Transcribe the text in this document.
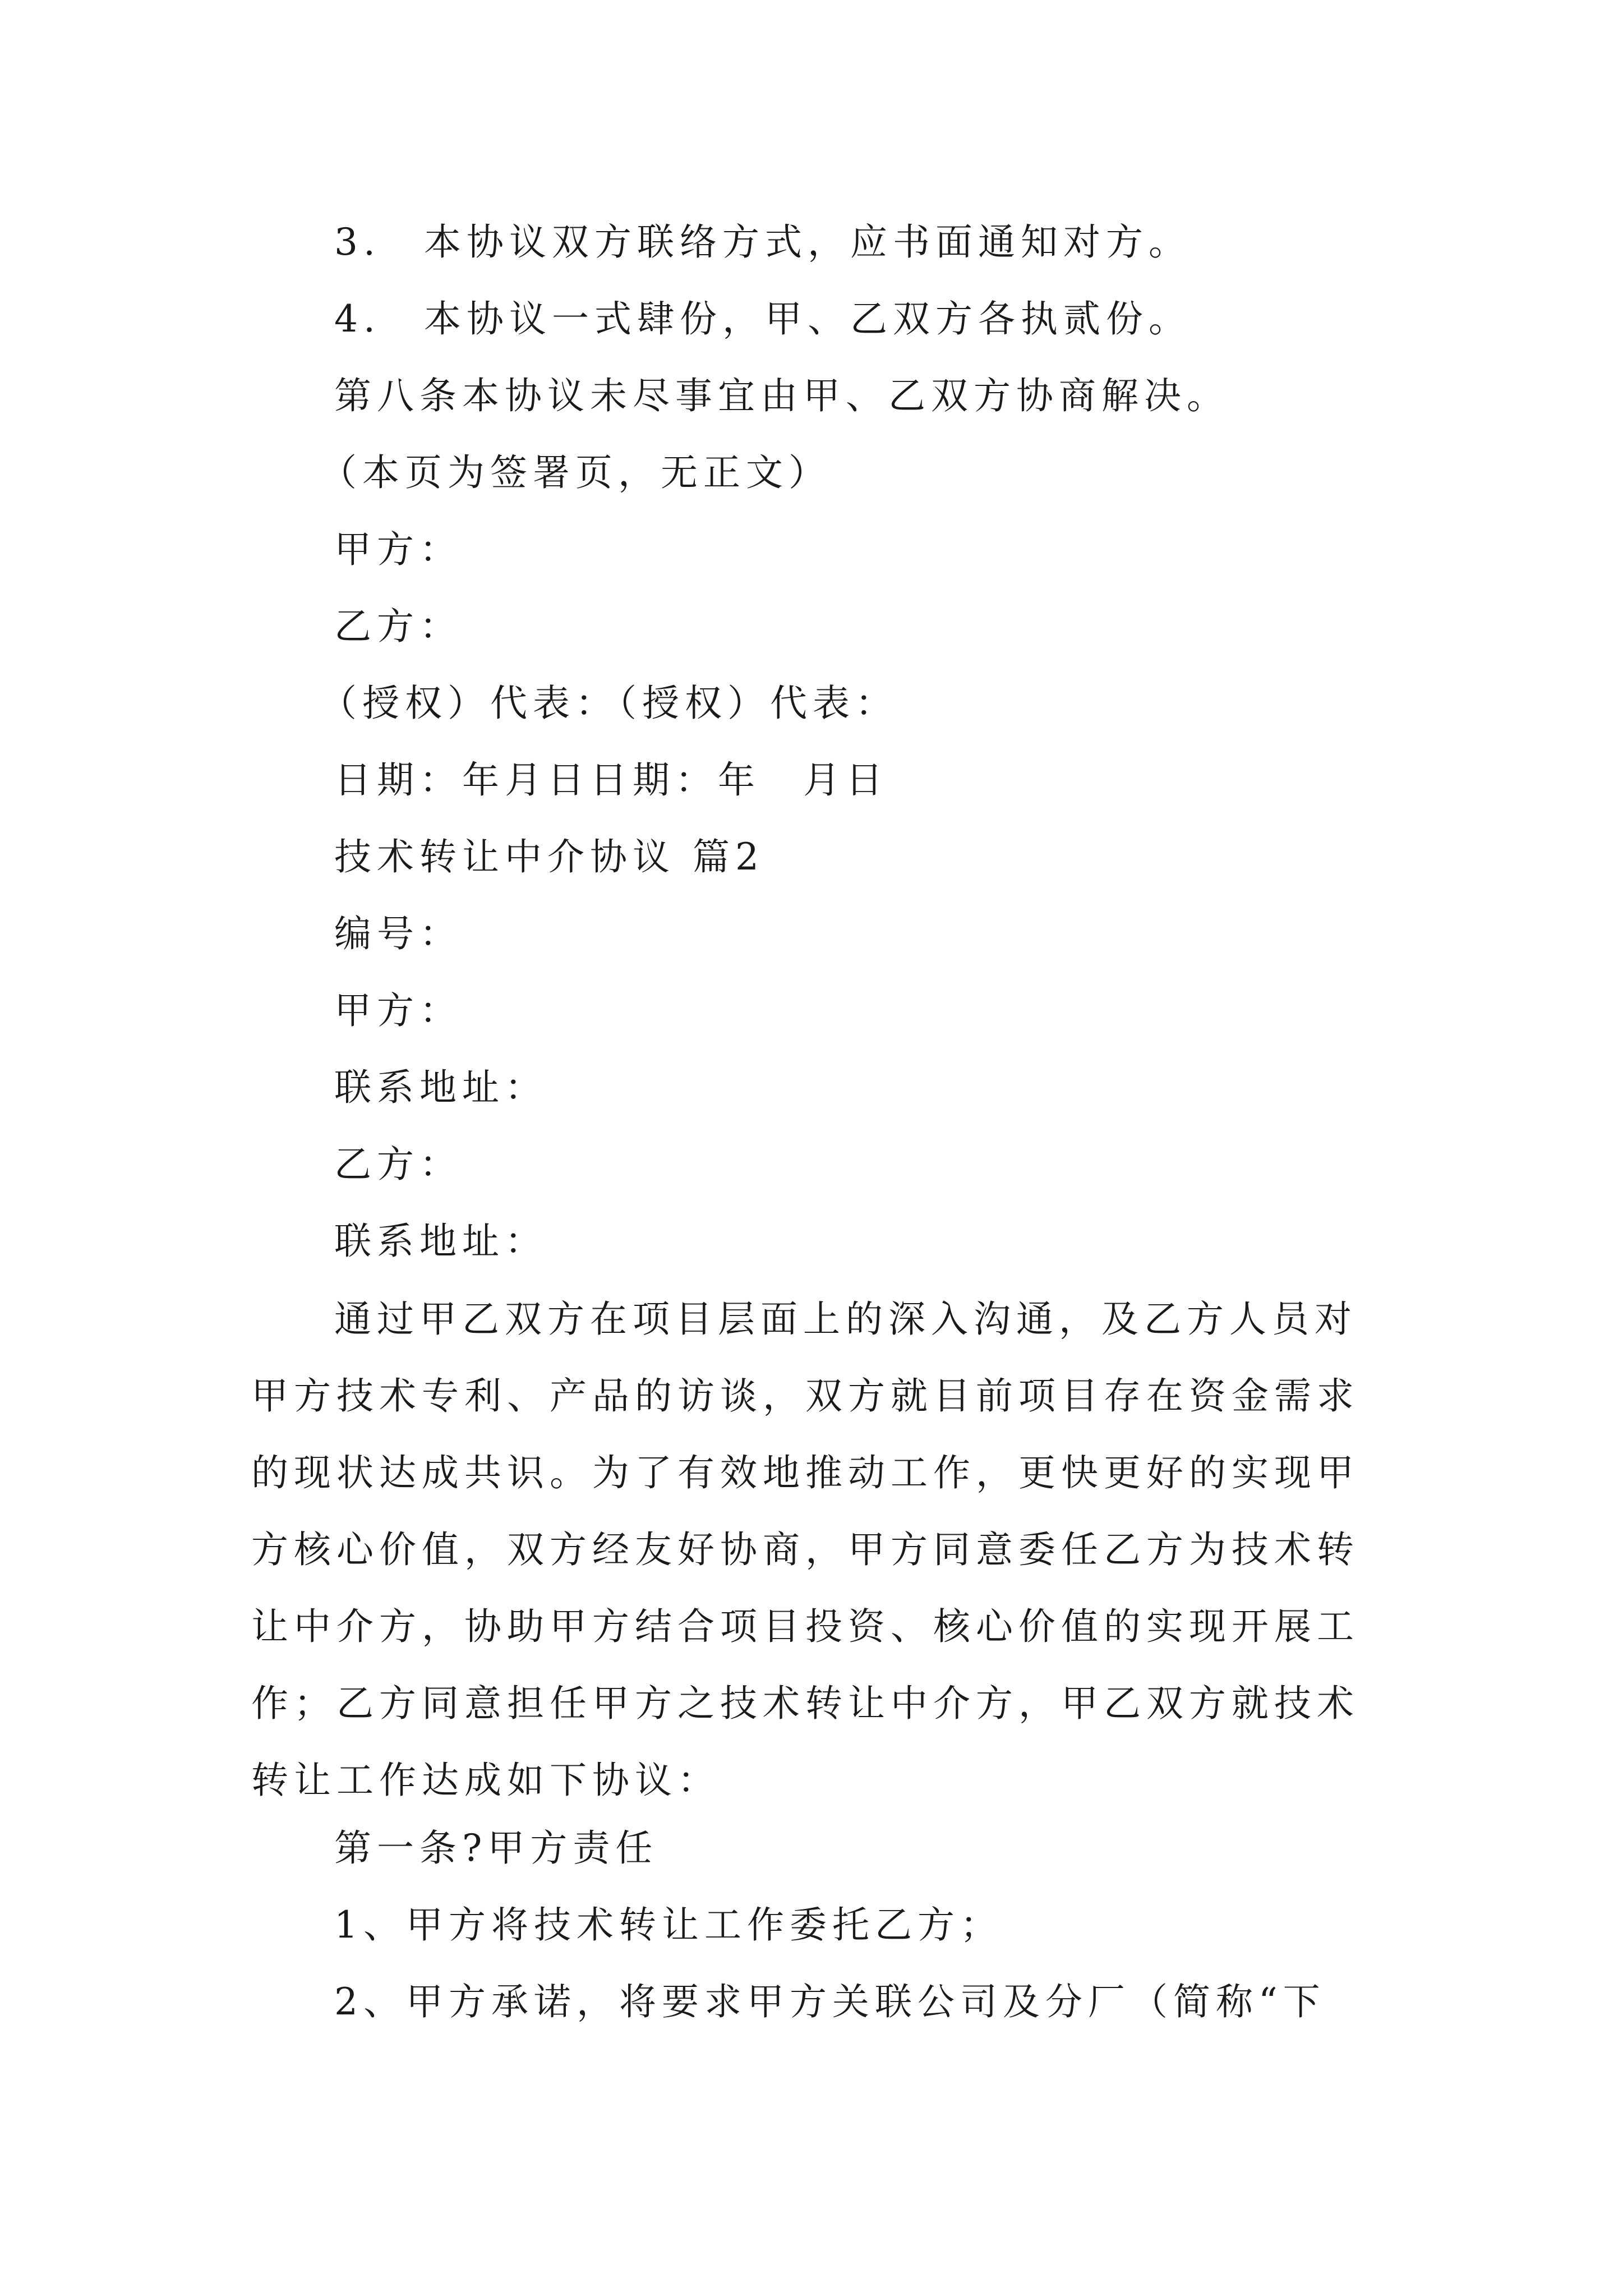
3. 本协议双方联络方式，应书面通知对方。
4. 本协议一式肆份，甲、乙双方各执贰份。
第八条本协议未尽事宜由甲、乙双方协商解决。
（本页为签署页，无正文）
甲方：
乙方：
（授权）代表：（授权）代表：
日期：年月日日期：年　月日
技术转让中介协议 篇2
编号：
甲方：
联系地址：
乙方：
联系地址：
通过甲乙双方在项目层面上的深入沟通，及乙方人员对
甲方技术专利、产品的访谈，双方就目前项目存在资金需求
的现状达成共识。为了有效地推动工作，更快更好的实现甲
方核心价值，双方经友好协商，甲方同意委任乙方为技术转
让中介方，协助甲方结合项目投资、核心价值的实现开展工
作；乙方同意担任甲方之技术转让中介方，甲乙双方就技术
转让工作达成如下协议：
第一条?甲方责任
1、甲方将技术转让工作委托乙方；
2、甲方承诺，将要求甲方关联公司及分厂（简称“下
